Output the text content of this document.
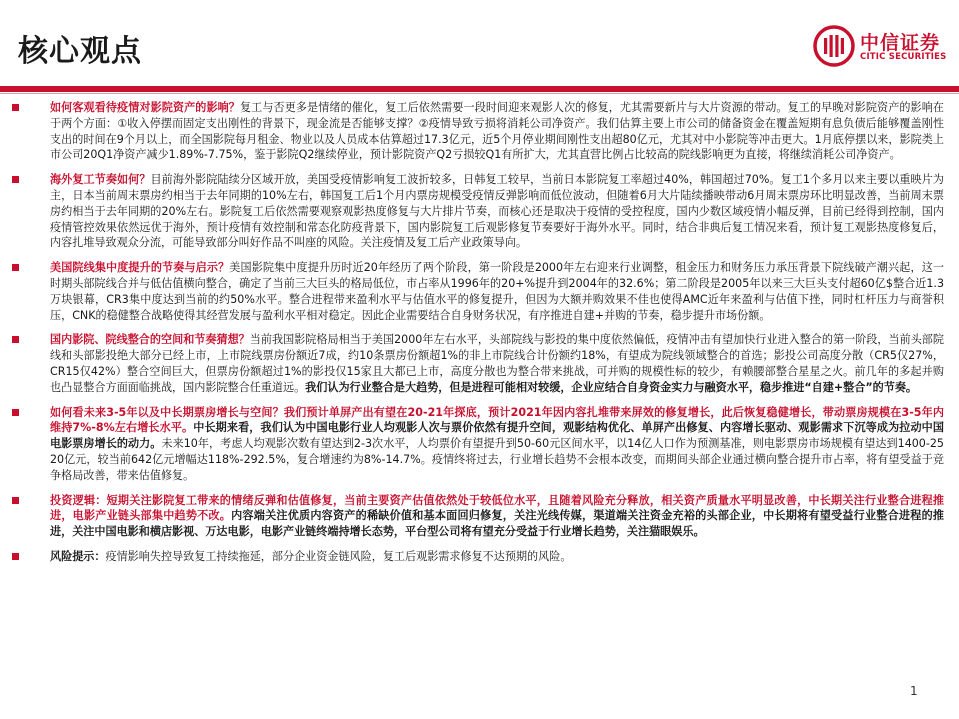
核心观点	中信证券
CITIC SECURITIES
如何客观看待疫情对影院资产的影响？复工与否更多是情绪的催化，复工后依然需要一段时间迎来观影人次的修复，尤其需要新片与大片资源的带动。复工的早晚对影院资产的影响在于两个方面：①收入停摆而固定支出刚性的背景下，现金流是否能够支撑？②疫情导致亏损将消耗公司净资产。我们估算主要上市公司的储备资金在覆盖短期有息负债后能够覆盖刚性支出的时间在9个月以上，而全国影院每月租金、物业以及人员成本估算超过17.3亿元，近5个月停业期间刚性支出超80亿元，尤其对中小影院等冲击更大。1月底停摆以来，影院类上市公司20Q1净资产减少1.89%-7.75%，鉴于影院Q2继续停业，预计影院资产Q2亏损较Q1有所扩大，尤其直营比例占比较高的院线影响更为直接，将继续消耗公司净资产。
海外复工节奏如何？目前海外影院陆续分区域开放，美国受疫情影响复工波折较多，日韩复工较早，当前日本影院复工率超过40%，韩国超过70%。复工1个多月以来主要以重映片为主，日本当前周末票房约相当于去年同期的10%左右，韩国复工后1个月内票房规模受疫情反弹影响而低位波动，但随着6月大片陆续播映带动6月周末票房环比明显改善，当前周末票房约相当于去年同期的20%左右。影院复工后依然需要观察观影热度修复与大片排片节奏，而核心还是取决于疫情的受控程度，国内少数区域疫情小幅反弹，目前已经得到控制，国内疫情管控效果依然远优于海外，预计疫情有效控制和常态化防疫背景下，国内影院复工后观影修复节奏要好于海外水平。同时，结合非典后复工情况来看，预计复工观影热度修复后，内容扎堆导致观众分流，可能导致部分叫好作品不叫座的风险。关注疫情及复工后产业政策导向。
美国院线集中度提升的节奏与启示？美国影院集中度提升历时近20年经历了两个阶段，第一阶段是2000年左右迎来行业调整，租金压力和财务压力承压背景下院线破产潮兴起，这一时期头部院线合并与低估值横向整合，确定了当前三大巨头的格局低位，市占率从1996年的20+%提升到2004年的32.6%；第二阶段是2005年以来三大巨头支付超60亿$整合近1.3万块银幕，CR3集中度达到当前的约50%水平。整合进程带来盈利水平与估值水平的修复提升，但因为大额并购效果不佳也使得AMC近年来盈利与估值下挫，同时杠杆压力与商誉积压，CNK的稳健整合战略使得其经营发展与盈利水平相对稳定。因此企业需要结合自身财务状况，有序推进自建+并购的节奏，稳步提升市场份额。
国内影院、院线整合的空间和节奏猜想？当前我国影院格局相当于美国2000年左右水平，头部院线与影投的集中度依然偏低，疫情冲击有望加快行业进入整合的第一阶段，当前头部院线和头部影投绝大部分已经上市，上市院线票房份额近7成，约10条票房份额超1%的非上市院线合计份额约18%，有望成为院线领域整合的首选；影投公司高度分散（CR5仅27%，CR15仅42%）整合空间巨大，但票房份额超过1%的影投仅15家且大都已上市，高度分散也为整合带来挑战，可并购的规模性标的较少，有赖腰部整合星星之火。前几年的多起并购也凸显整合方面面临挑战，国内影院整合任重道远。我们认为行业整合是大趋势，但是进程可能相对较缓，企业应结合自身资金实力与融资水平，稳步推进“自建+整合”的节奏。
如何看未来3-5年以及中长期票房增长与空间？我们预计单屏产出有望在20-21年探底，预计2021年因内容扎堆带来屏效的修复增长，此后恢复稳健增长，带动票房规模在3-5年内维持7%-8%左右增长水平。中长期来看，我们认为中国电影行业人均观影人次与票价依然有提升空间，观影结构优化、单屏产出修复、内容增长驱动、观影需求下沉等成为拉动中国电影票房增长的动力。未来10年，考虑人均观影次数有望达到2-3次水平，人均票价有望提升到50-60元区间水平，以14亿人口作为预测基准，则电影票房市场规模有望达到1400-2520亿元，较当前642亿元增幅达118%-292.5%，复合增速约为8%-14.7%。疫情终将过去，行业增长趋势不会根本改变，而期间头部企业通过横向整合提升市占率，将有望受益于竞争格局改善，带来估值修复。
投资逻辑：短期关注影院复工带来的情绪反弹和估值修复，当前主要资产估值依然处于较低位水平，且随着风险充分释放，相关资产质量水平明显改善，中长期关注行业整合进程推进，电影产业链头部集中趋势不改。内容端关注优质内容资产的稀缺价值和基本面回归修复，关注光线传媒，渠道端关注资金充裕的头部企业，中长期将有望受益行业整合进程的推进，关注中国电影和横店影视、万达电影，电影产业链终端持增长态势，平台型公司将有望充分受益于行业增长趋势，关注猫眼娱乐。
风险提示：疫情影响失控导致复工持续拖延，部分企业资金链风险，复工后观影需求修复不达预期的风险。
1
